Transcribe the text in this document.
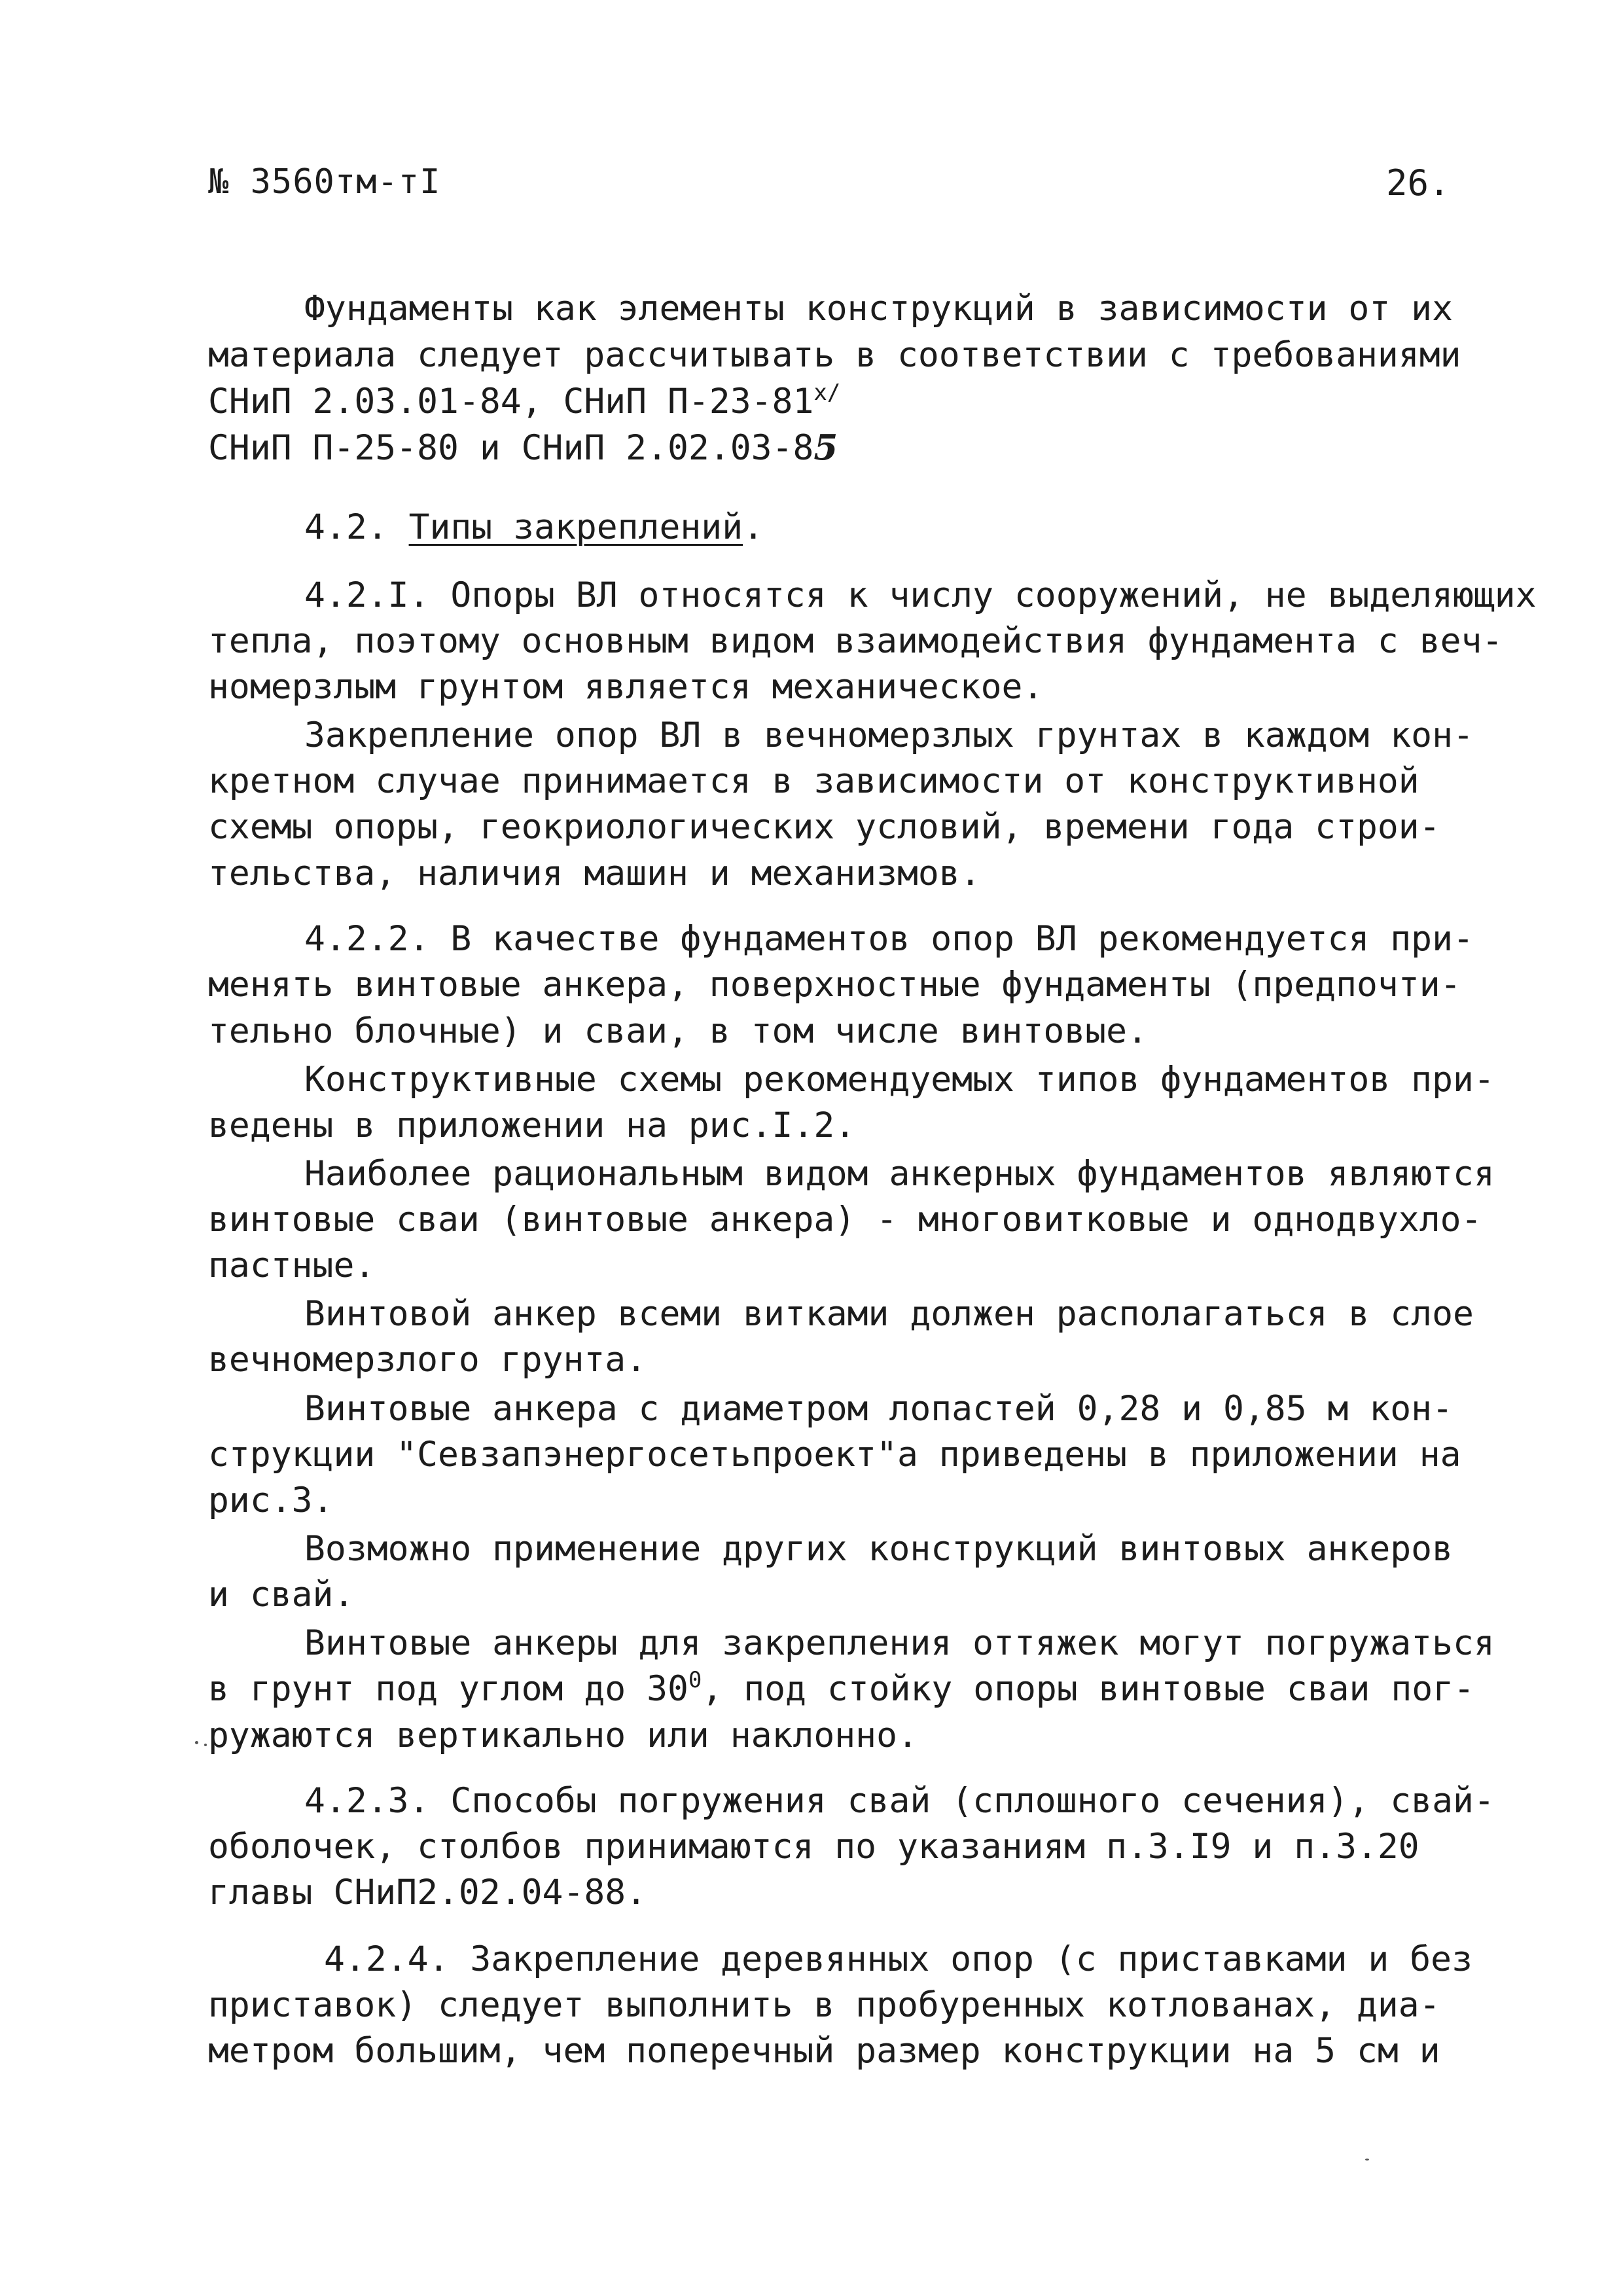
№ 3560тм-тI	26.
Фундаменты как элементы конструкций в зависимости от их
материала следует рассчитывать в соответствии с требованиями
СНиП 2.03.01-84, СНиП $П-23-81^{х/}$
СНиП П-25-80 и СНиП 2.02.03-85
4.2. Типы закреплений.
4.2.I. Опоры ВЛ относятся к числу сооружений, не выделяющих
тепла, поэтому основным видом взаимодействия фундамента с веч-
номерзлым грунтом является механическое.
Закрепление опор ВЛ в вечномерзлых грунтах в каждом кон-
кретном случае принимается в зависимости от конструктивной
схемы опоры, геокриологических условий, времени года строи-
тельства, наличия машин и механизмов.
4.2.2. В качестве фундаментов опор ВЛ рекомендуется при-
менять винтовые анкера, поверхностные фундаменты (предпочти-
тельно блочные) и сваи, в том числе винтовые.
Конструктивные схемы рекомендуемых типов фундаментов при-
ведены в приложении на рис.I.2.
Наиболее рациональным видом анкерных фундаментов являются
винтовые сваи (винтовые анкера) - многовитковые и однодвухло-
пастные.
Винтовой анкер всеми витками должен располагаться в слое
вечномерзлого грунта.
Винтовые анкера с диаметром лопастей 0,28 и 0,85 м кон-
струкции "Севзапэнергосетьпроект"а приведены в приложении на
рис.3.
Возможно применение других конструкций винтовых анкеров
и свай.
Винтовые анкеры для закрепления оттяжек могут погружаться
в грунт под углом до $30^0$, под стойку опоры винтовые сваи пог-
ружаются вертикально или наклонно.
4.2.3. Способы погружения свай (сплошного сечения), свай-
оболочек, столбов принимаются по указаниям п.3.I9 и п.3.20
главы СНиП2.02.04-88.
4.2.4. Закрепление деревянных опор (с приставками и без
приставок) следует выполнить в пробуренных котлованах, диа-
метром большим, чем поперечный размер конструкции на 5 см и
